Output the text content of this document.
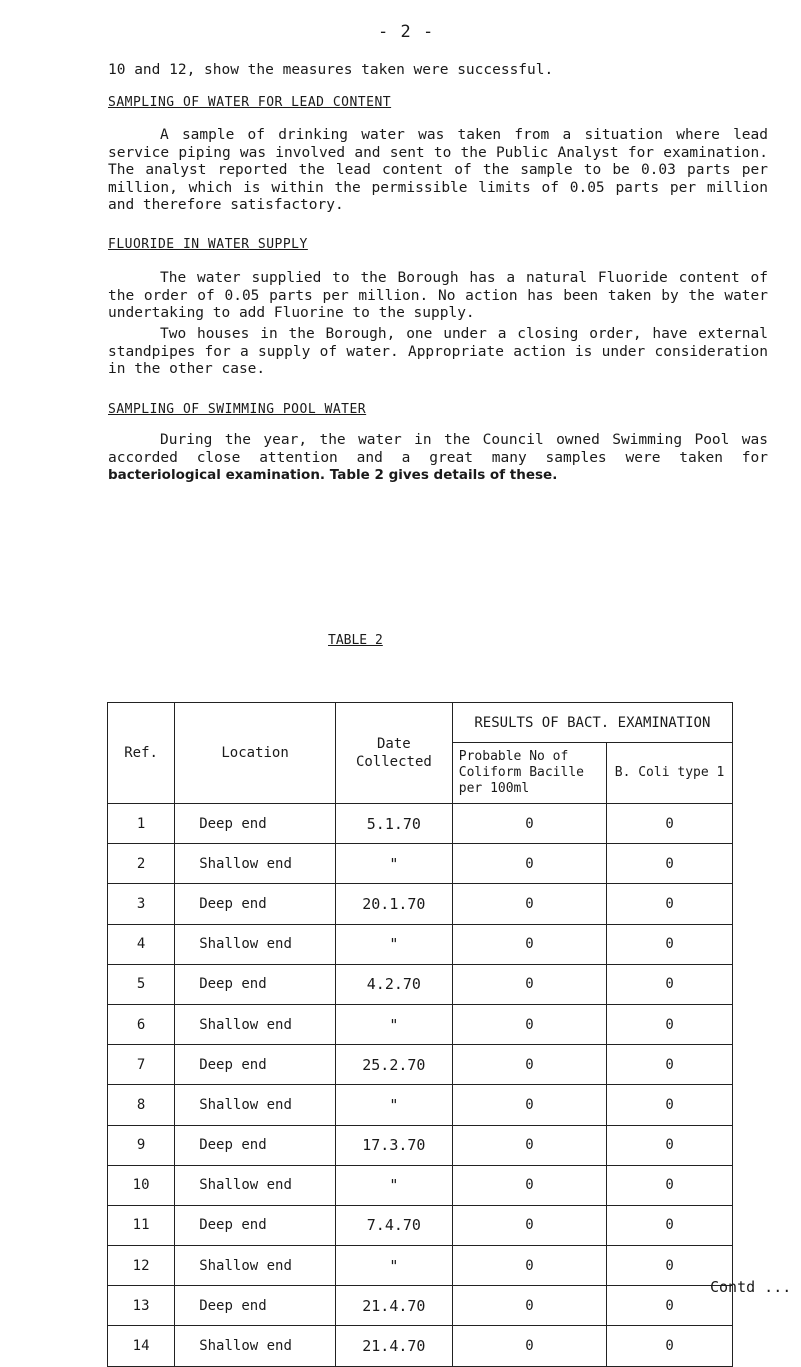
- 2 -
10 and 12, show the measures taken were successful.
SAMPLING OF WATER FOR LEAD CONTENT
A sample of drinking water was taken from a situation where lead service piping was involved and sent to the Public Analyst for examination. The analyst reported the lead content of the sample to be 0.03 parts per million, which is within the permissible limits of 0.05 parts per million and therefore satisfactory.
FLUORIDE IN WATER SUPPLY
The water supplied to the Borough has a natural Fluoride content of the order of 0.05 parts per million. No action has been taken by the water undertaking to add Fluorine to the supply.
Two houses in the Borough, one under a closing order, have external standpipes for a supply of water. Appropriate action is under consideration in the other case.
SAMPLING OF SWIMMING POOL WATER
During the year, the water in the Council owned Swimming Pool was accorded close attention and a great many samples were taken for bacteriological examination. Table 2 gives details of these.
TABLE 2
Ref.	Location	Date Collected	RESULTS OF BACT. EXAMINATION	
			Probable No of Coliform Bacille per 100ml	B. Coli type 1
1	Deep end	5.1.70	0	0
2	Shallow end	"	0	0
3	Deep end	20.1.70	0	0
4	Shallow end	"	0	0
5	Deep end	4.2.70	0	0
6	Shallow end	"	0	0
7	Deep end	25.2.70	0	0
8	Shallow end	"	0	0
9	Deep end	17.3.70	0	0
10	Shallow end	"	0	0
11	Deep end	7.4.70	0	0
12	Shallow end	"	0	0
13	Deep end	21.4.70	0	0
14	Shallow end	21.4.70	0	0
Contd ...
